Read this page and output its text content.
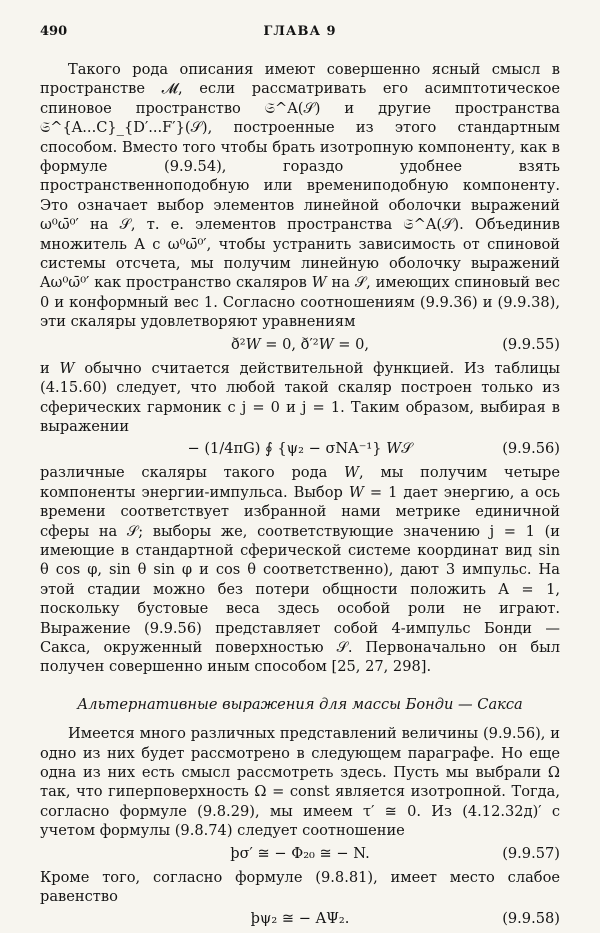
490	ГЛАВА 9

Такого рода описания имеют совершенно ясный смысл в пространстве 𝓜, если рассматривать его асимптотическое спиновое пространство 𝔖^A(𝒮) и другие пространства 𝔖^{A...C}_{D′...F′}(𝒮), построенные из этого стандартным способом. Вместо того чтобы брать изотропную компоненту, как в формуле (9.9.54), гораздо удобнее взять пространственноподобную или времениподобную компоненту. Это означает выбор элементов линейной оболочки выражений ω⁰ω̄⁰′ на 𝒮, т. е. элементов пространства 𝔖^A(𝒮). Объединив множитель A с ω⁰ω̄⁰′, чтобы устранить зависимость от спиновой системы отсчета, мы получим линейную оболочку выражений Aω⁰ω̄⁰′ как пространство скаляров 𝑊 на 𝒮, имеющих спиновый вес 0 и конформный вес 1. Согласно соотношениям (9.9.36) и (9.9.38), эти скаляры удовлетворяют уравнениям

ð²𝑊 = 0, ð′²𝑊 = 0,	(9.9.55)

и 𝑊 обычно считается действительной функцией. Из таблицы (4.15.60) следует, что любой такой скаляр построен только из сферических гармоник с j = 0 и j = 1. Таким образом, выбирая в выражении

− (1/4πG) ∮ {ψ₂ − σNA⁻¹} 𝑊𝒮	(9.9.56)

различные скаляры такого рода 𝑊, мы получим четыре компоненты энергии-импульса. Выбор 𝑊 = 1 дает энергию, а ось времени соответствует избранной нами метрике единичной сферы на 𝒮; выборы же, соответствующие значению j = 1 (и имеющие в стандартной сферической системе координат вид sin θ cos φ, sin θ sin φ и cos θ соответственно), дают 3 импульс. На этой стадии можно без потери общности положить A = 1, поскольку бустовые веса здесь особой роли не играют. Выражение (9.9.56) представляет собой 4-импульс Бонди — Сакса, окруженный поверхностью 𝒮. Первоначально он был получен совершенно иным способом [25, 27, 298].

Альтернативные выражения для массы Бонди — Сакса

Имеется много различных представлений величины (9.9.56), и одно из них будет рассмотрено в следующем параграфе. Но еще одна из них есть смысл рассмотреть здесь. Пусть мы выбрали Ω так, что гиперповерхность Ω = const является изотропной. Тогда, согласно формуле (9.8.29), мы имеем τ′ ≅ 0. Из (4.12.32д)′ с учетом формулы (9.8.74) следует соотношение

þσ′ ≅ − Φ₂₀ ≅ − N.	(9.9.57)

Кроме того, согласно формуле (9.8.81), имеет место слабое равенство

þψ₂ ≅ − AΨ₂.	(9.9.58)
